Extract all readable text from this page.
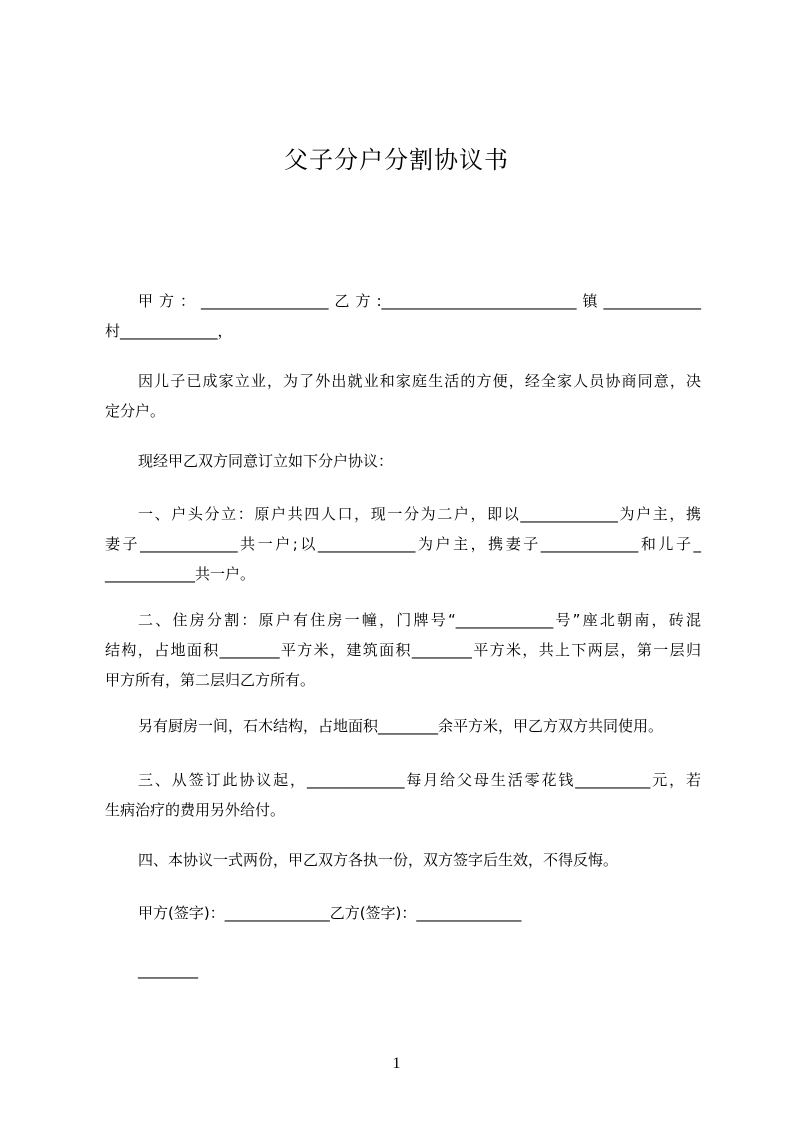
父子分户分割协议书
甲方：_________________乙方:__________________________镇_____________
村_____________，
因儿子已成家立业，为了外出就业和家庭生活的方便，经全家人员协商同意，决
定分户。
现经甲乙双方同意订立如下分户协议：
一、户头分立：原户共四人口，现一分为二户，即以_____________为户主，携
妻子_____________共一户;以_____________为户主，携妻子_____________和儿子_
____________共一户。
二、住房分割：原户有住房一幢，门牌号“_____________号”座北朝南，砖混
结构，占地面积________平方米，建筑面积________平方米，共上下两层，第一层归
甲方所有，第二层归乙方所有。
另有厨房一间，石木结构，占地面积________余平方米，甲乙方双方共同使用。
三、从签订此协议起，_____________每月给父母生活零花钱__________元，若
生病治疗的费用另外给付。
四、本协议一式两份，甲乙双方各执一份，双方签字后生效，不得反悔。
甲方(签字)：______________乙方(签字)：______________
________
1
